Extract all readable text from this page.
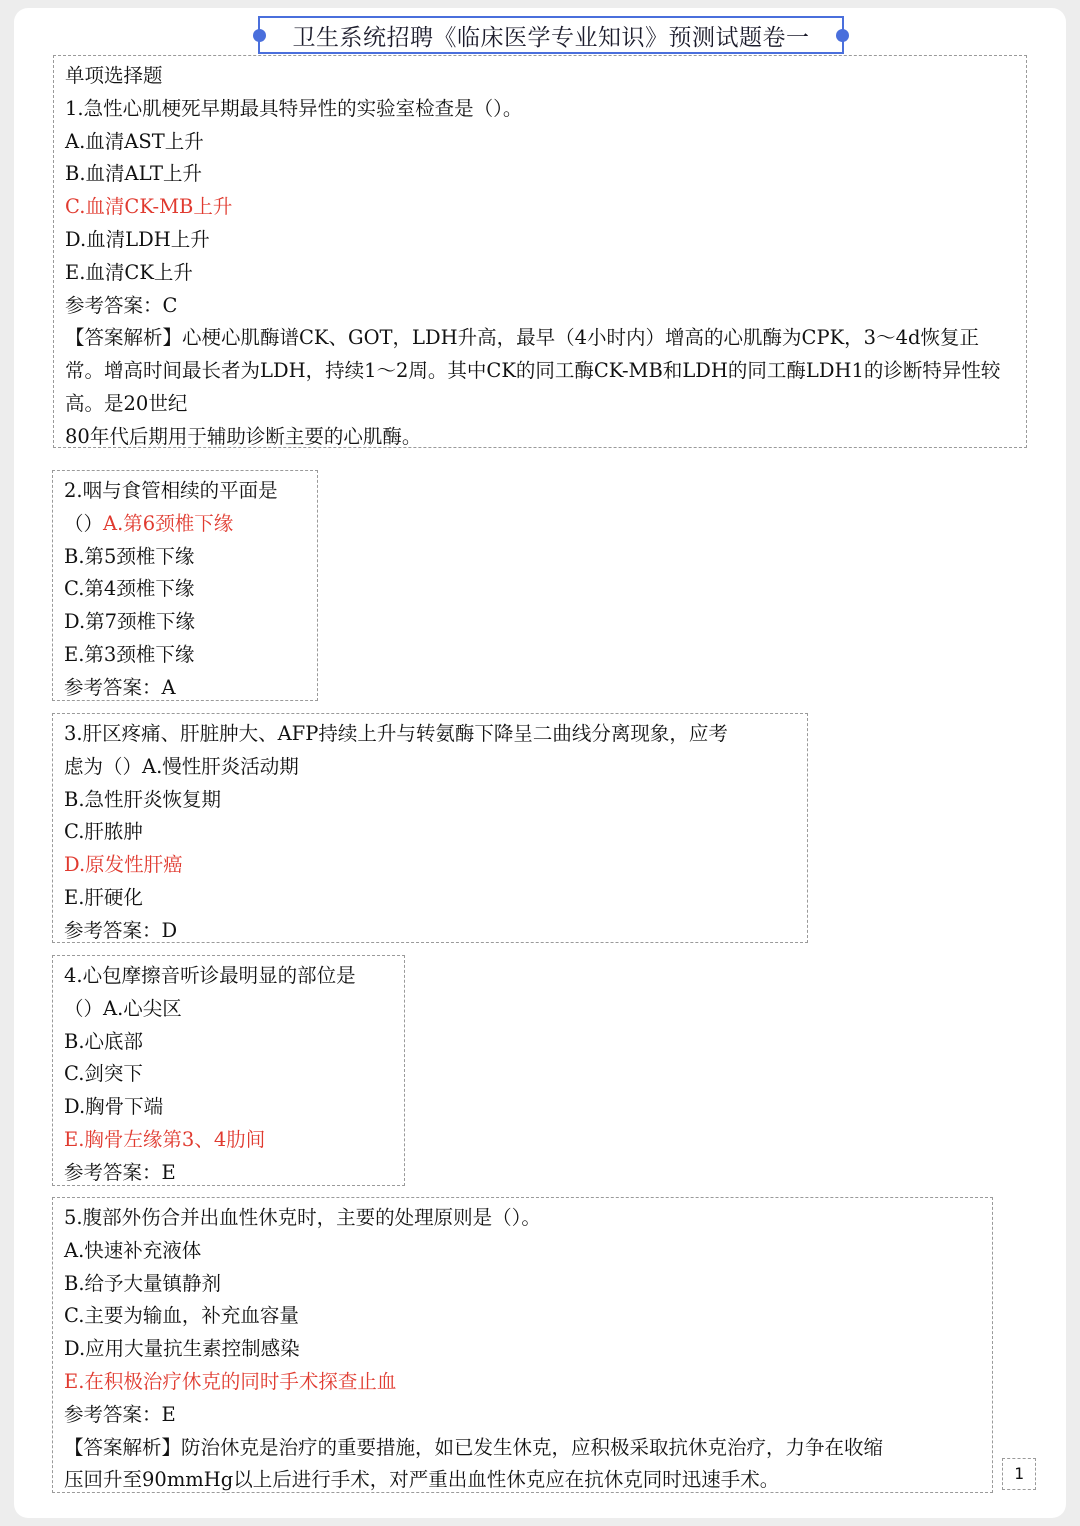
卫生系统招聘《临床医学专业知识》预测试题卷一
单项选择题
1.急性心肌梗死早期最具特异性的实验室检查是（）。
A.血清AST上升
B.血清ALT上升
C.血清CK-MB上升
D.血清LDH上升
E.血清CK上升
参考答案：C
【答案解析】心梗心肌酶谱CK、GOT，LDH升高，最早（4小时内）增高的心肌酶为CPK，3～4d恢复正
常。增高时间最长者为LDH，持续1～2周。其中CK的同工酶CK-MB和LDH的同工酶LDH1的诊断特异性较
高。是20世纪
80年代后期用于辅助诊断主要的心肌酶。
2.咽与食管相续的平面是
（）A.第6颈椎下缘
B.第5颈椎下缘
C.第4颈椎下缘
D.第7颈椎下缘
E.第3颈椎下缘
参考答案：A
3.肝区疼痛、肝脏肿大、AFP持续上升与转氨酶下降呈二曲线分离现象，应考
虑为（）A.慢性肝炎活动期
B.急性肝炎恢复期
C.肝脓肿
D.原发性肝癌
E.肝硬化
参考答案：D
4.心包摩擦音听诊最明显的部位是
（）A.心尖区
B.心底部
C.剑突下
D.胸骨下端
E.胸骨左缘第3、4肋间
参考答案：E
5.腹部外伤合并出血性休克时，主要的处理原则是（）。
A.快速补充液体
B.给予大量镇静剂
C.主要为输血，补充血容量
D.应用大量抗生素控制感染
E.在积极治疗休克的同时手术探查止血
参考答案：E
【答案解析】防治休克是治疗的重要措施，如已发生休克，应积极采取抗休克治疗，力争在收缩
压回升至90mmHg以上后进行手术，对严重出血性休克应在抗休克同时迅速手术。	1
